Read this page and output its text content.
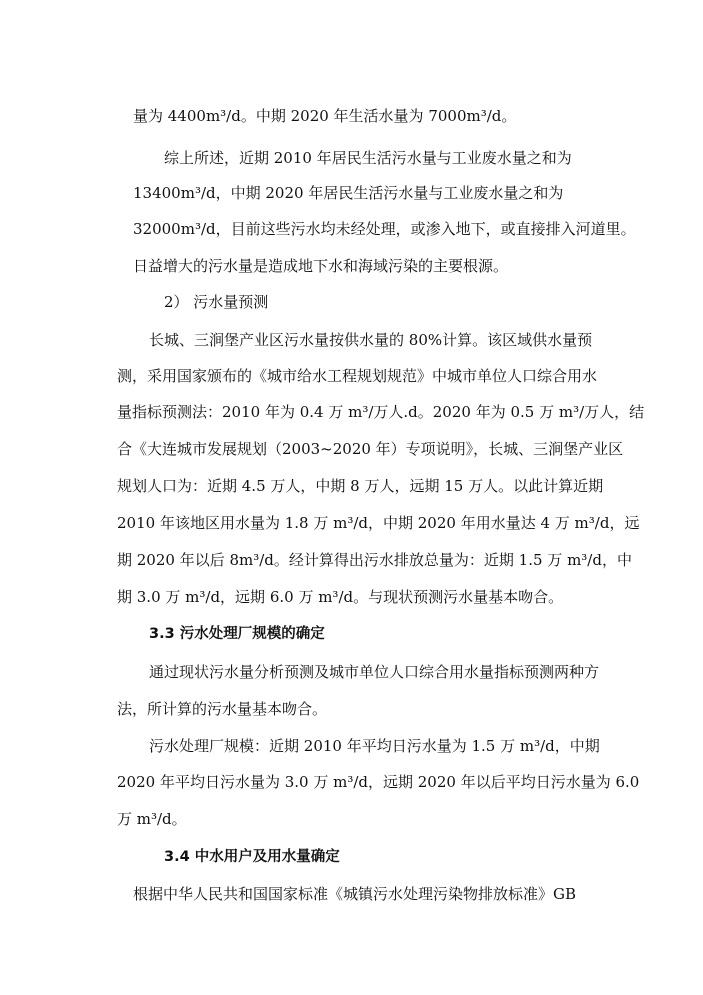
量为 4400m³/d。中期 2020 年生活水量为 7000m³/d。

综上所述，近期 2010 年居民生活污水量与工业废水量之和为

13400m³/d，中期 2020 年居民生活污水量与工业废水量之和为

32000m³/d，目前这些污水均未经处理，或渗入地下，或直接排入河道里。

日益增大的污水量是造成地下水和海域污染的主要根源。

2） 污水量预测

长城、三涧堡产业区污水量按供水量的 80%计算。该区域供水量预

测，采用国家颁布的《城市给水工程规划规范》中城市单位人口综合用水

量指标预测法：2010 年为 0.4 万 m³/万人.d。2020 年为 0.5 万 m³/万人，结

合《大连城市发展规划（2003~2020 年）专项说明》，长城、三涧堡产业区

规划人口为：近期 4.5 万人，中期 8 万人，远期 15 万人。以此计算近期

2010 年该地区用水量为 1.8 万 m³/d，中期 2020 年用水量达 4 万 m³/d，远

期 2020 年以后 8m³/d。经计算得出污水排放总量为：近期 1.5 万 m³/d，中

期 3.0 万 m³/d，远期 6.0 万 m³/d。与现状预测污水量基本吻合。

3.3 污水处理厂规模的确定

通过现状污水量分析预测及城市单位人口综合用水量指标预测两种方

法，所计算的污水量基本吻合。

污水处理厂规模：近期 2010 年平均日污水量为 1.5 万 m³/d，中期

2020 年平均日污水量为 3.0 万 m³/d，远期 2020 年以后平均日污水量为 6.0

万 m³/d。

3.4 中水用户及用水量确定

根据中华人民共和国国家标准《城镇污水处理污染物排放标准》GB
